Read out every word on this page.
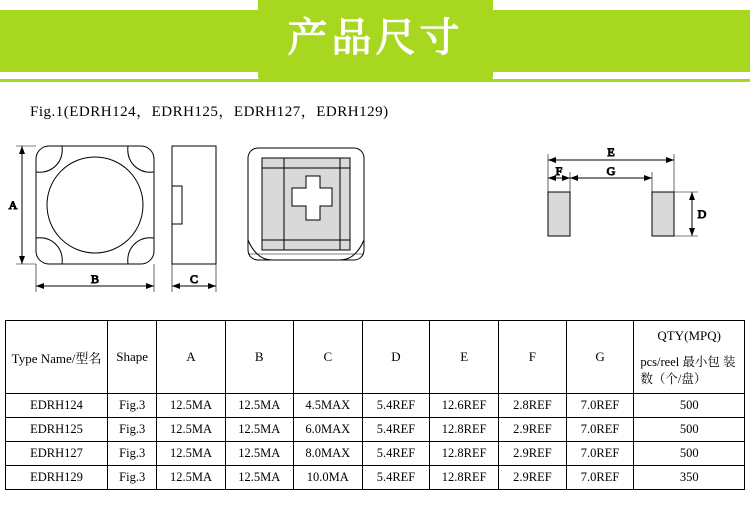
产品尺寸
Fig.1(EDRH124，EDRH125，EDRH127，EDRH129)
A
B	C
E
F	G
D
Type Name/型名	Shape	A	B	C	D	E	F	G	QTY(MPQ)
pcs/reel 最小包 装数（个/盘）

EDRH124	Fig.3	12.5MA	12.5MA	4.5MAX	5.4REF	12.6REF	2.8REF	7.0REF	500
EDRH125	Fig.3	12.5MA	12.5MA	6.0MAX	5.4REF	12.8REF	2.9REF	7.0REF	500
EDRH127	Fig.3	12.5MA	12.5MA	8.0MAX	5.4REF	12.8REF	2.9REF	7.0REF	500
EDRH129	Fig.3	12.5MA	12.5MA	10.0MA	5.4REF	12.8REF	2.9REF	7.0REF	350
